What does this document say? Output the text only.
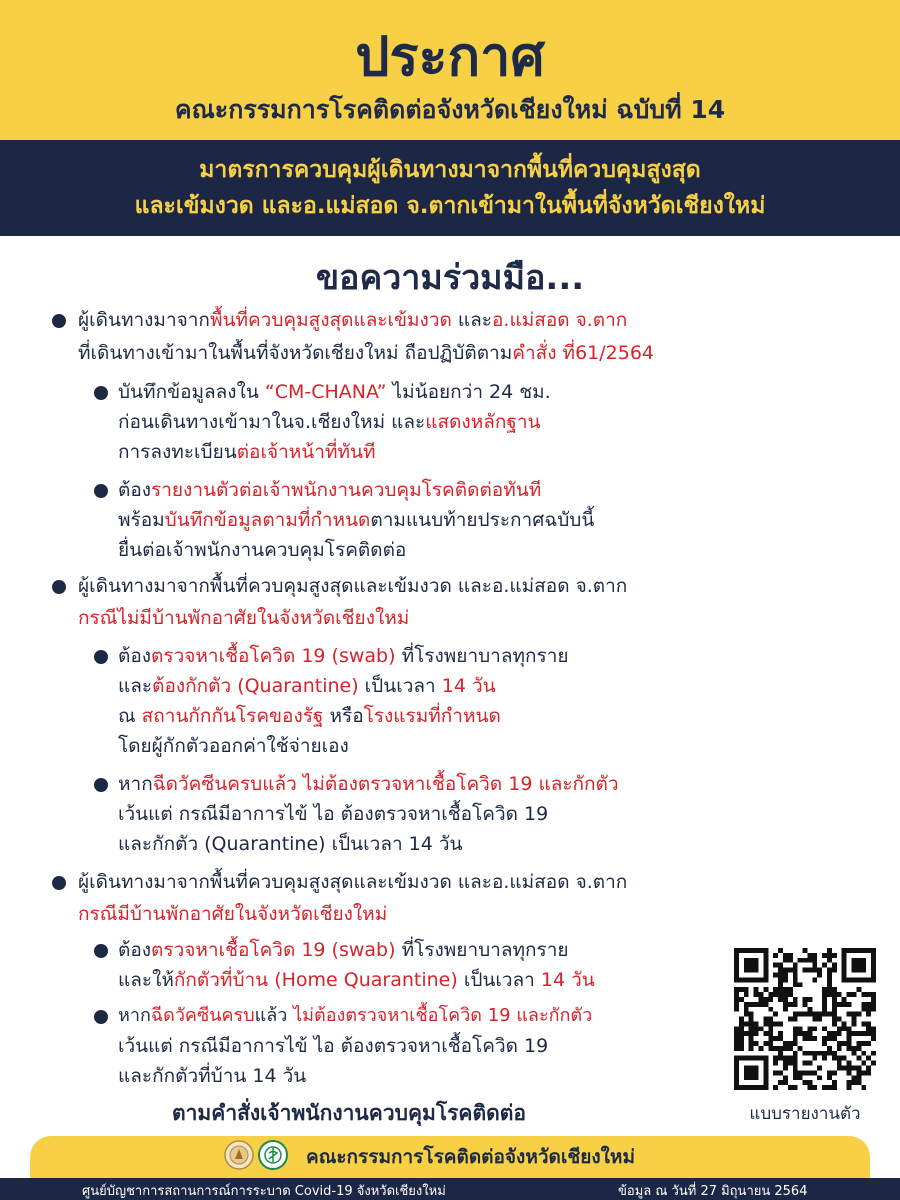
ประกาศ
คณะกรรมการโรคติดต่อจังหวัดเชียงใหม่ ฉบับที่ 14
มาตรการควบคุมผู้เดินทางมาจากพื้นที่ควบคุมสูงสุด
และเข้มงวด และอ.แม่สอด จ.ตากเข้ามาในพื้นที่จังหวัดเชียงใหม่
ขอความร่วมมือ...
ผู้เดินทางมาจากพื้นที่ควบคุมสูงสุดและเข้มงวด และอ.แม่สอด จ.ตาก
ที่เดินทางเข้ามาในพื้นที่จังหวัดเชียงใหม่ ถือปฏิบัติตามคำสั่ง ที่61/2564
บันทึกข้อมูลลงใน “CM-CHANA” ไม่น้อยกว่า 24 ชม.
ก่อนเดินทางเข้ามาในจ.เชียงใหม่ และแสดงหลักฐาน
การลงทะเบียนต่อเจ้าหน้าที่ทันที
ต้องรายงานตัวต่อเจ้าพนักงานควบคุมโรคติดต่อทันที
พร้อมบันทึกข้อมูลตามที่กำหนดตามแนบท้ายประกาศฉบับนี้
ยื่นต่อเจ้าพนักงานควบคุมโรคติดต่อ
ผู้เดินทางมาจากพื้นที่ควบคุมสูงสุดและเข้มงวด และอ.แม่สอด จ.ตาก
กรณีไม่มีบ้านพักอาศัยในจังหวัดเชียงใหม่
ต้องตรวจหาเชื้อโควิด 19 (swab) ที่โรงพยาบาลทุกราย
และต้องกักตัว (Quarantine) เป็นเวลา 14 วัน
ณ สถานกักกันโรคของรัฐ หรือโรงแรมที่กำหนด
โดยผู้กักตัวออกค่าใช้จ่ายเอง
หากฉีดวัคซีนครบแล้ว ไม่ต้องตรวจหาเชื้อโควิด 19 และกักตัว
เว้นแต่ กรณีมีอาการไข้ ไอ ต้องตรวจหาเชื้อโควิด 19
และกักตัว (Quarantine) เป็นเวลา 14 วัน
ผู้เดินทางมาจากพื้นที่ควบคุมสูงสุดและเข้มงวด และอ.แม่สอด จ.ตาก
กรณีมีบ้านพักอาศัยในจังหวัดเชียงใหม่
ต้องตรวจหาเชื้อโควิด 19 (swab) ที่โรงพยาบาลทุกราย
และให้กักตัวที่บ้าน (Home Quarantine) เป็นเวลา 14 วัน
หากฉีดวัคซีนครบแล้ว ไม่ต้องตรวจหาเชื้อโควิด 19 และกักตัว
เว้นแต่ กรณีมีอาการไข้ ไอ ต้องตรวจหาเชื้อโควิด 19
และกักตัวที่บ้าน 14 วัน
ตามคำสั่งเจ้าพนักงานควบคุมโรคติดต่อ	แบบรายงานตัว
คณะกรรมการโรคติดต่อจังหวัดเชียงใหม่
ศูนย์บัญชาการสถานการณ์การระบาด Covid-19 จังหวัดเชียงใหม่	ข้อมูล ณ วันที่ 27 มิถุนายน 2564
